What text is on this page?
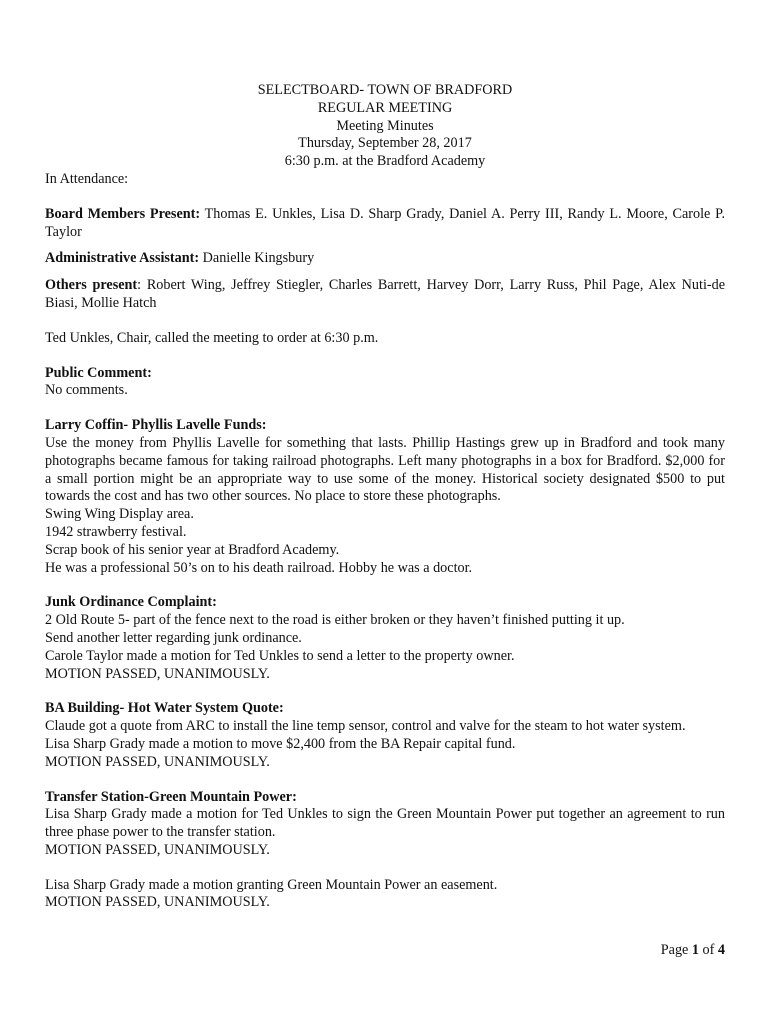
SELECTBOARD- TOWN OF BRADFORD

REGULAR MEETING

Meeting Minutes

Thursday, September 28, 2017

6:30 p.m. at the Bradford Academy

In Attendance:

Board Members Present: Thomas E. Unkles, Lisa D. Sharp Grady, Daniel A. Perry III, Randy L. Moore, Carole P. Taylor

Administrative Assistant: Danielle Kingsbury

Others present: Robert Wing, Jeffrey Stiegler, Charles Barrett, Harvey Dorr, Larry Russ, Phil Page, Alex Nuti-de Biasi, Mollie Hatch

Ted Unkles, Chair, called the meeting to order at 6:30 p.m.

Public Comment:

No comments.

Larry Coffin- Phyllis Lavelle Funds:

Use the money from Phyllis Lavelle for something that lasts. Phillip Hastings grew up in Bradford and took many photographs became famous for taking railroad photographs. Left many photographs in a box for Bradford. $2,000 for a small portion might be an appropriate way to use some of the money. Historical society designated $500 to put towards the cost and has two other sources. No place to store these photographs.

Swing Wing Display area.

1942 strawberry festival.

Scrap book of his senior year at Bradford Academy.

He was a professional 50’s on to his death railroad. Hobby he was a doctor.

Junk Ordinance Complaint:

2 Old Route 5- part of the fence next to the road is either broken or they haven’t finished putting it up.

Send another letter regarding junk ordinance.

Carole Taylor made a motion for Ted Unkles to send a letter to the property owner.

MOTION PASSED, UNANIMOUSLY.

BA Building- Hot Water System Quote:

Claude got a quote from ARC to install the line temp sensor, control and valve for the steam to hot water system.

Lisa Sharp Grady made a motion to move $2,400 from the BA Repair capital fund.

MOTION PASSED, UNANIMOUSLY.

Transfer Station-Green Mountain Power:

Lisa Sharp Grady made a motion for Ted Unkles to sign the Green Mountain Power put together an agreement to run three phase power to the transfer station.

MOTION PASSED, UNANIMOUSLY.

Lisa Sharp Grady made a motion granting Green Mountain Power an easement.

MOTION PASSED, UNANIMOUSLY.

Page 1 of 4
